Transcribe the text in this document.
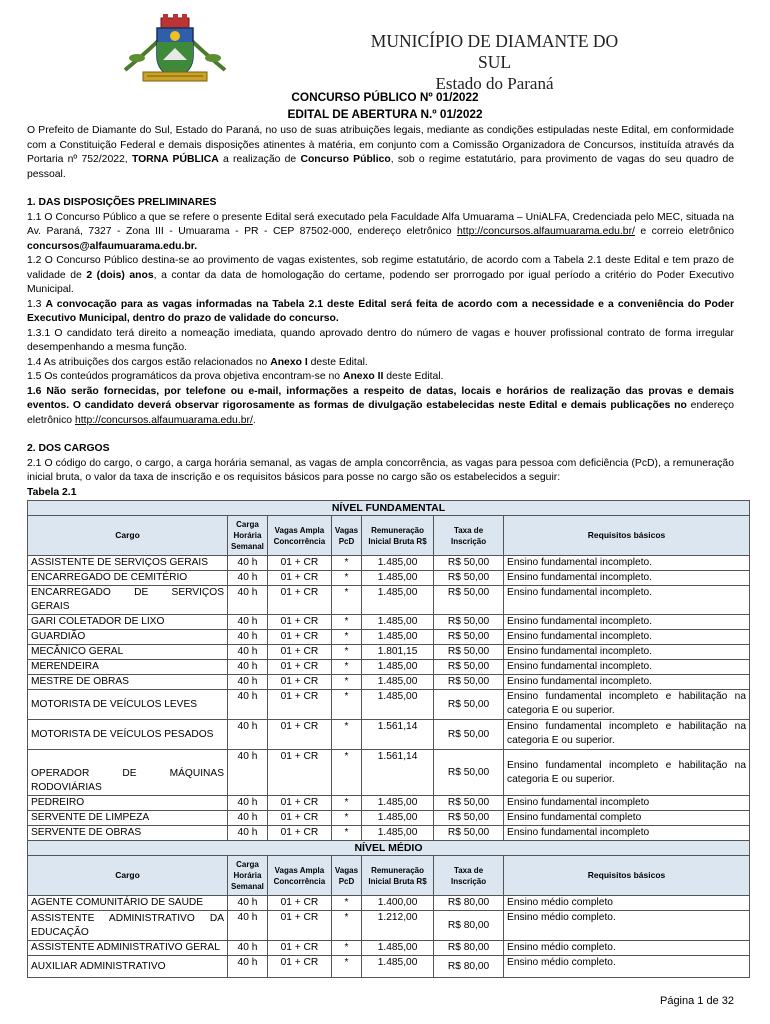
MUNICÍPIO DE DIAMANTE DO SUL
Estado do Paraná
CONCURSO PÚBLICO Nº 01/2022
EDITAL DE ABERTURA N.º 01/2022

O Prefeito de Diamante do Sul, Estado do Paraná, no uso de suas atribuições legais, mediante as condições estipuladas neste Edital, em conformidade com a Constituição Federal e demais disposições atinentes à matéria, em conjunto com a Comissão Organizadora de Concursos, instituída através da Portaria nº 752/2022, TORNA PÚBLICA a realização de Concurso Público, sob o regime estatutário, para provimento de vagas do seu quadro de pessoal.

1. DAS DISPOSIÇÕES PRELIMINARES

1.1 O Concurso Público a que se refere o presente Edital será executado pela Faculdade Alfa Umuarama – UniALFA, Credenciada pelo MEC, situada na Av. Paraná, 7327 - Zona III - Umuarama - PR - CEP 87502-000, endereço eletrônico http://concursos.alfaumuarama.edu.br/ e correio eletrônico concursos@alfaumuarama.edu.br.

1.2 O Concurso Público destina-se ao provimento de vagas existentes, sob regime estatutário, de acordo com a Tabela 2.1 deste Edital e tem prazo de validade de 2 (dois) anos, a contar da data de homologação do certame, podendo ser prorrogado por igual período a critério do Poder Executivo Municipal.

1.3 A convocação para as vagas informadas na Tabela 2.1 deste Edital será feita de acordo com a necessidade e a conveniência do Poder Executivo Municipal, dentro do prazo de validade do concurso.

1.3.1 O candidato terá direito a nomeação imediata, quando aprovado dentro do número de vagas e houver profissional contrato de forma irregular desempenhando a mesma função.

1.4 As atribuições dos cargos estão relacionados no Anexo I deste Edital.

1.5 Os conteúdos programáticos da prova objetiva encontram-se no Anexo II deste Edital.

1.6 Não serão fornecidas, por telefone ou e-mail, informações a respeito de datas, locais e horários de realização das provas e demais eventos. O candidato deverá observar rigorosamente as formas de divulgação estabelecidas neste Edital e demais publicações no endereço eletrônico http://concursos.alfaumuarama.edu.br/.

2. DOS CARGOS

2.1 O código do cargo, o cargo, a carga horária semanal, as vagas de ampla concorrência, as vagas para pessoa com deficiência (PcD), a remuneração inicial bruta, o valor da taxa de inscrição e os requisitos básicos para posse no cargo são os estabelecidos a seguir:

Tabela 2.1

NÍVEL FUNDAMENTAL						
Cargo	Carga Horária Semanal	Vagas Ampla Concorrência	Vagas PcD	Remuneração Inicial Bruta R$	Taxa de Inscrição	Requisitos básicos
ASSISTENTE DE SERVIÇOS GERAIS	40 h	01 + CR	*	1.485,00	R$ 50,00	Ensino fundamental incompleto.
ENCARREGADO DE CEMITÉRIO	40 h	01 + CR	*	1.485,00	R$ 50,00	Ensino fundamental incompleto.
ENCARREGADO DE SERVIÇOS GERAIS	40 h	01 + CR	*	1.485,00	R$ 50,00	Ensino fundamental incompleto.
GARI COLETADOR DE LIXO	40 h	01 + CR	*	1.485,00	R$ 50,00	Ensino fundamental incompleto.
GUARDIÃO	40 h	01 + CR	*	1.485,00	R$ 50,00	Ensino fundamental incompleto.
MECÂNICO GERAL	40 h	01 + CR	*	1.801,15	R$ 50,00	Ensino fundamental incompleto.
MERENDEIRA	40 h	01 + CR	*	1.485,00	R$ 50,00	Ensino fundamental incompleto.
MESTRE DE OBRAS	40 h	01 + CR	*	1.485,00	R$ 50,00	Ensino fundamental incompleto.
MOTORISTA DE VEÍCULOS LEVES	40 h	01 + CR	*	1.485,00	R$ 50,00	Ensino fundamental incompleto e habilitação na categoria E ou superior.
MOTORISTA DE VEÍCULOS PESADOS	40 h	01 + CR	*	1.561,14	R$ 50,00	Ensino fundamental incompleto e habilitação na categoria E ou superior.
OPERADOR DE MÁQUINAS RODOVIÁRIAS	40 h	01 + CR	*	1.561,14	R$ 50,00	Ensino fundamental incompleto e habilitação na categoria E ou superior.
PEDREIRO	40 h	01 + CR	*	1.485,00	R$ 50,00	Ensino fundamental incompleto
SERVENTE DE LIMPEZA	40 h	01 + CR	*	1.485,00	R$ 50,00	Ensino fundamental completo
SERVENTE DE OBRAS	40 h	01 + CR	*	1.485,00	R$ 50,00	Ensino fundamental incompleto
NÍVEL MÉDIO						
Cargo	Carga Horária Semanal	Vagas Ampla Concorrência	Vagas PcD	Remuneração Inicial Bruta R$	Taxa de Inscrição	Requisitos básicos
AGENTE COMUNITÁRIO DE SAUDE	40 h	01 + CR	*	1.400,00	R$ 80,00	Ensino médio completo
ASSISTENTE ADMINISTRATIVO DA EDUCAÇÃO	40 h	01 + CR	*	1.212,00	R$ 80,00	Ensino médio completo.
ASSISTENTE ADMINISTRATIVO GERAL	40 h	01 + CR	*	1.485,00	R$ 80,00	Ensino médio completo.
AUXILIAR ADMINISTRATIVO	40 h	01 + CR	*	1.485,00	R$ 80,00	Ensino médio completo.
Página 1 de 32
